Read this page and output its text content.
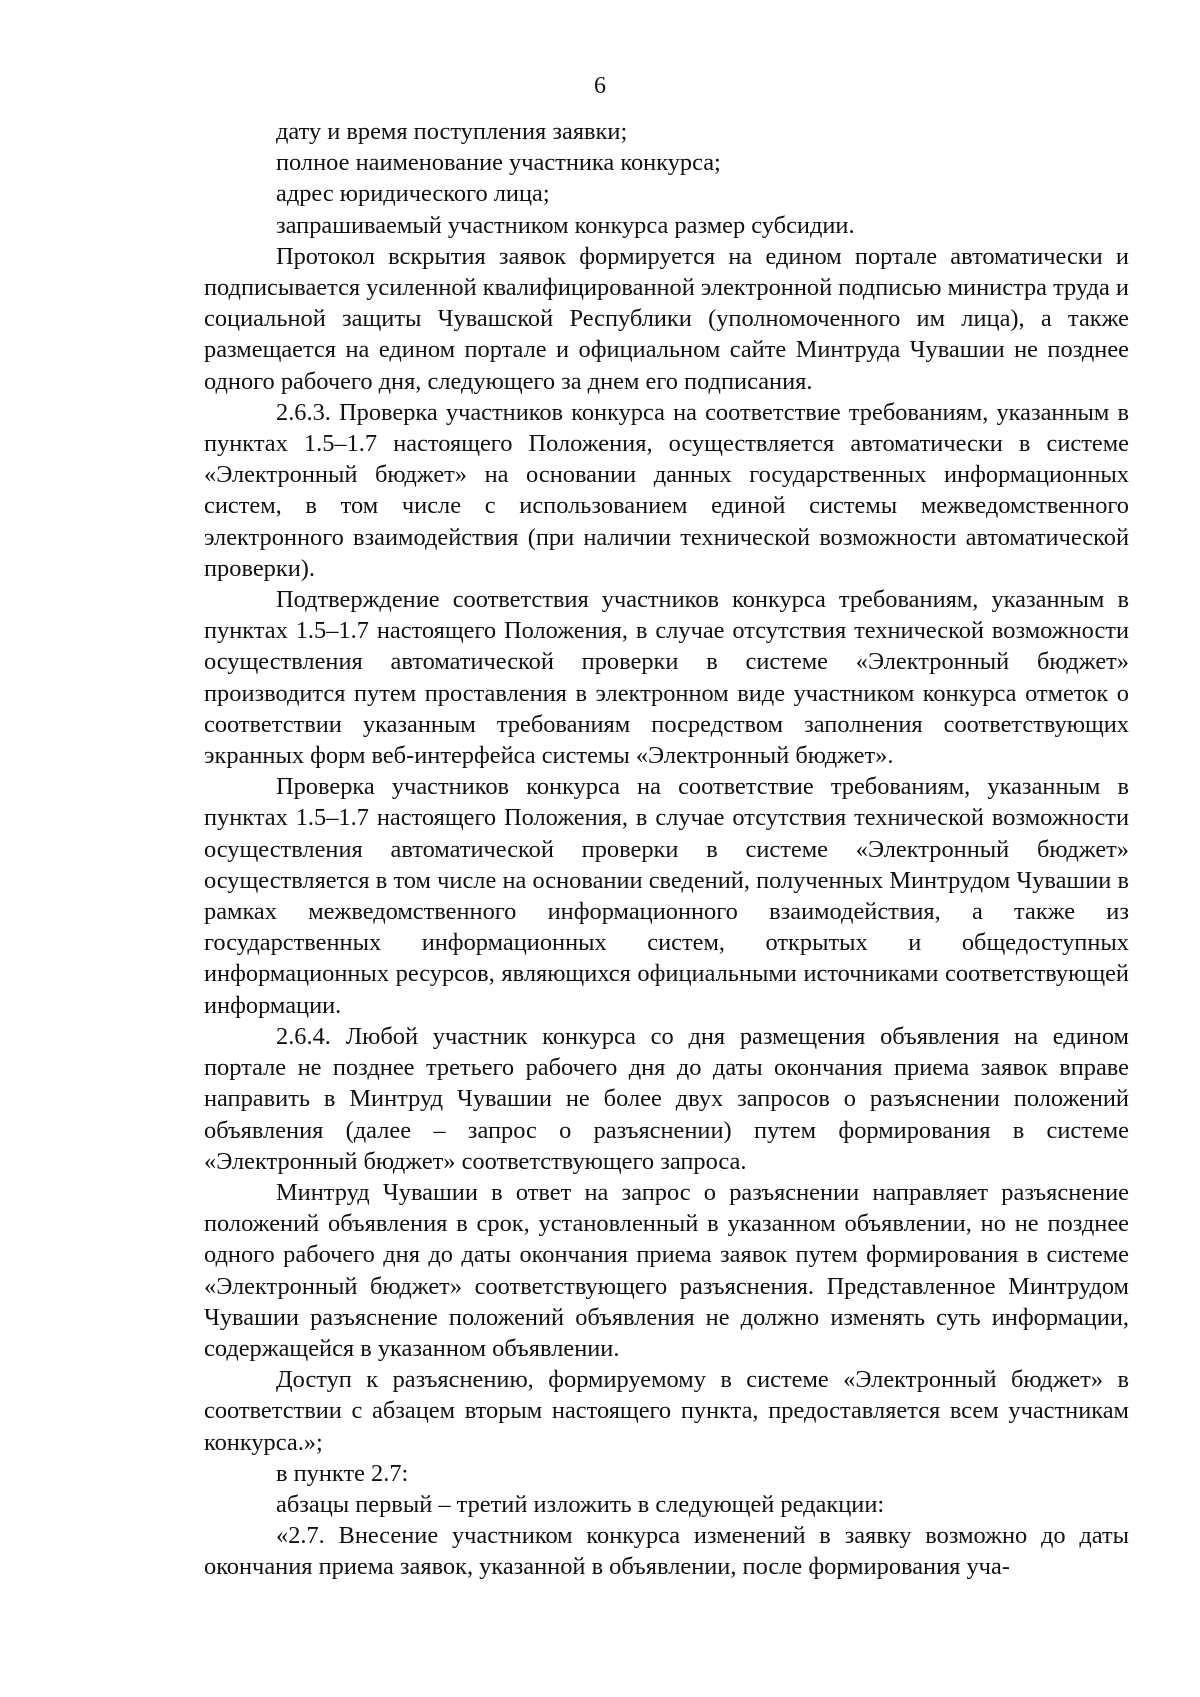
6

дату и время поступления заявки;

полное наименование участника конкурса;

адрес юридического лица;

запрашиваемый участником конкурса размер субсидии.

Протокол вскрытия заявок формируется на едином портале автоматически и подписывается усиленной квалифицированной электронной подписью министра труда и социальной защиты Чувашской Республики (уполномоченного им лица), а также размещается на едином портале и официальном сайте Минтруда Чувашии не позднее одного рабочего дня, следующего за днем его подписания.

2.6.3. Проверка участников конкурса на соответствие требованиям, указанным в пунктах 1.5–1.7 настоящего Положения, осуществляется автоматически в системе «Электронный бюджет» на основании данных государственных информационных систем, в том числе с использованием единой системы межведомственного электронного взаимодействия (при наличии технической возможности автоматической проверки).

Подтверждение соответствия участников конкурса требованиям, указанным в пунктах 1.5–1.7 настоящего Положения, в случае отсутствия технической возможности осуществления автоматической проверки в системе «Электронный бюджет» производится путем проставления в электронном виде участником конкурса отметок о соответствии указанным требованиям посредством заполнения соответствующих экранных форм веб-интерфейса системы «Электронный бюджет».

Проверка участников конкурса на соответствие требованиям, указанным в пунктах 1.5–1.7 настоящего Положения, в случае отсутствия технической возможности осуществления автоматической проверки в системе «Электронный бюджет» осуществляется в том числе на основании сведений, полученных Минтрудом Чувашии в рамках межведомственного информационного взаимодействия, а также из государственных информационных систем, открытых и общедоступных информационных ресурсов, являющихся официальными источниками соответствующей информации.

2.6.4. Любой участник конкурса со дня размещения объявления на едином портале не позднее третьего рабочего дня до даты окончания приема заявок вправе направить в Минтруд Чувашии не более двух запросов о разъяснении положений объявления (далее – запрос о разъяснении) путем формирования в системе «Электронный бюджет» соответствующего запроса.

Минтруд Чувашии в ответ на запрос о разъяснении направляет разъяснение положений объявления в срок, установленный в указанном объявлении, но не позднее одного рабочего дня до даты окончания приема заявок путем формирования в системе «Электронный бюджет» соответствующего разъяснения. Представленное Минтрудом Чувашии разъяснение положений объявления не должно изменять суть информации, содержащейся в указанном объявлении.

Доступ к разъяснению, формируемому в системе «Электронный бюджет» в соответствии с абзацем вторым настоящего пункта, предоставляется всем участникам конкурса.»;

в пункте 2.7:

абзацы первый – третий изложить в следующей редакции:

«2.7. Внесение участником конкурса изменений в заявку возможно до даты окончания приема заявок, указанной в объявлении, после формирования уча-
